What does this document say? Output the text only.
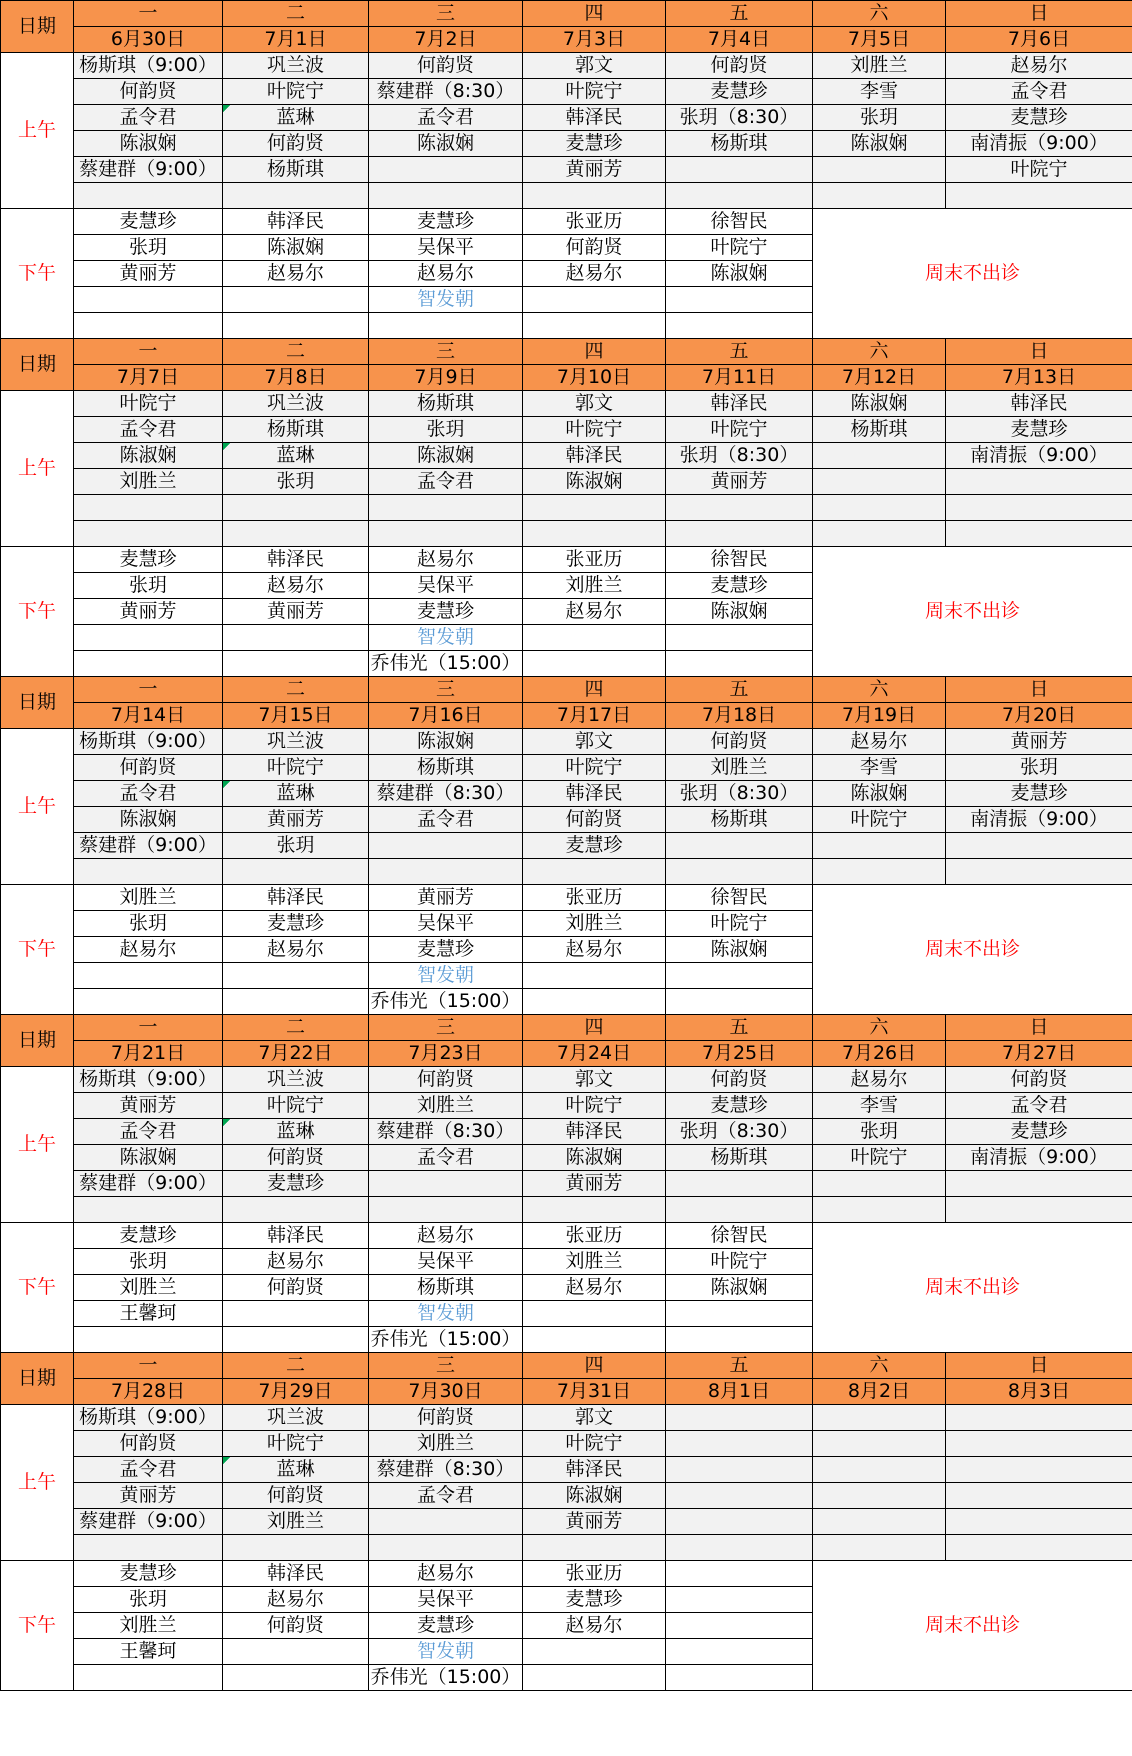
日期	一	二	三	四	五	六	日
	6月30日	7月1日	7月2日	7月3日	7月4日	7月5日	7月6日
上午	杨斯琪（9:00）	巩兰波	何韵贤	郭文	何韵贤	刘胜兰	赵易尔
	何韵贤	叶院宁	蔡建群（8:30）	叶院宁	麦慧珍	李雪	孟令君
	孟令君	蓝琳	孟令君	韩泽民	张玥（8:30）	张玥	麦慧珍
	陈淑娴	何韵贤	陈淑娴	麦慧珍	杨斯琪	陈淑娴	南清振（9:00）
	蔡建群（9:00）	杨斯琪		黄丽芳			叶院宁

下午	麦慧珍	韩泽民	麦慧珍	张亚历	徐智民	周末不出诊	
	张玥	陈淑娴	吴保平	何韵贤	叶院宁		
	黄丽芳	赵易尔	赵易尔	赵易尔	陈淑娴		
			智发朝				

日期	一	二	三	四	五	六	日
	7月7日	7月8日	7月9日	7月10日	7月11日	7月12日	7月13日
上午	叶院宁	巩兰波	杨斯琪	郭文	韩泽民	陈淑娴	韩泽民
	孟令君	杨斯琪	张玥	叶院宁	叶院宁	杨斯琪	麦慧珍
	陈淑娴	蓝琳	陈淑娴	韩泽民	张玥（8:30）		南清振（9:00）
	刘胜兰	张玥	孟令君	陈淑娴	黄丽芳		

下午	麦慧珍	韩泽民	赵易尔	张亚历	徐智民	周末不出诊	
	张玥	赵易尔	吴保平	刘胜兰	麦慧珍		
	黄丽芳	黄丽芳	麦慧珍	赵易尔	陈淑娴		
			智发朝				
			乔伟光（15:00）				
日期	一	二	三	四	五	六	日
	7月14日	7月15日	7月16日	7月17日	7月18日	7月19日	7月20日
上午	杨斯琪（9:00）	巩兰波	陈淑娴	郭文	何韵贤	赵易尔	黄丽芳
	何韵贤	叶院宁	杨斯琪	叶院宁	刘胜兰	李雪	张玥
	孟令君	蓝琳	蔡建群（8:30）	韩泽民	张玥（8:30）	陈淑娴	麦慧珍
	陈淑娴	黄丽芳	孟令君	何韵贤	杨斯琪	叶院宁	南清振（9:00）
	蔡建群（9:00）	张玥		麦慧珍			

下午	刘胜兰	韩泽民	黄丽芳	张亚历	徐智民	周末不出诊	
	张玥	麦慧珍	吴保平	刘胜兰	叶院宁		
	赵易尔	赵易尔	麦慧珍	赵易尔	陈淑娴		
			智发朝				
			乔伟光（15:00）				
日期	一	二	三	四	五	六	日
	7月21日	7月22日	7月23日	7月24日	7月25日	7月26日	7月27日
上午	杨斯琪（9:00）	巩兰波	何韵贤	郭文	何韵贤	赵易尔	何韵贤
	黄丽芳	叶院宁	刘胜兰	叶院宁	麦慧珍	李雪	孟令君
	孟令君	蓝琳	蔡建群（8:30）	韩泽民	张玥（8:30）	张玥	麦慧珍
	陈淑娴	何韵贤	孟令君	陈淑娴	杨斯琪	叶院宁	南清振（9:00）
	蔡建群（9:00）	麦慧珍		黄丽芳			

下午	麦慧珍	韩泽民	赵易尔	张亚历	徐智民	周末不出诊	
	张玥	赵易尔	吴保平	刘胜兰	叶院宁		
	刘胜兰	何韵贤	杨斯琪	赵易尔	陈淑娴		
	王馨珂		智发朝				
			乔伟光（15:00）				
日期	一	二	三	四	五	六	日
	7月28日	7月29日	7月30日	7月31日	8月1日	8月2日	8月3日
上午	杨斯琪（9:00）	巩兰波	何韵贤	郭文			
	何韵贤	叶院宁	刘胜兰	叶院宁			
	孟令君	蓝琳	蔡建群（8:30）	韩泽民			
	黄丽芳	何韵贤	孟令君	陈淑娴			
	蔡建群（9:00）	刘胜兰		黄丽芳			

下午	麦慧珍	韩泽民	赵易尔	张亚历		周末不出诊	
	张玥	赵易尔	吴保平	麦慧珍			
	刘胜兰	何韵贤	麦慧珍	赵易尔			
	王馨珂		智发朝				
			乔伟光（15:00）				
